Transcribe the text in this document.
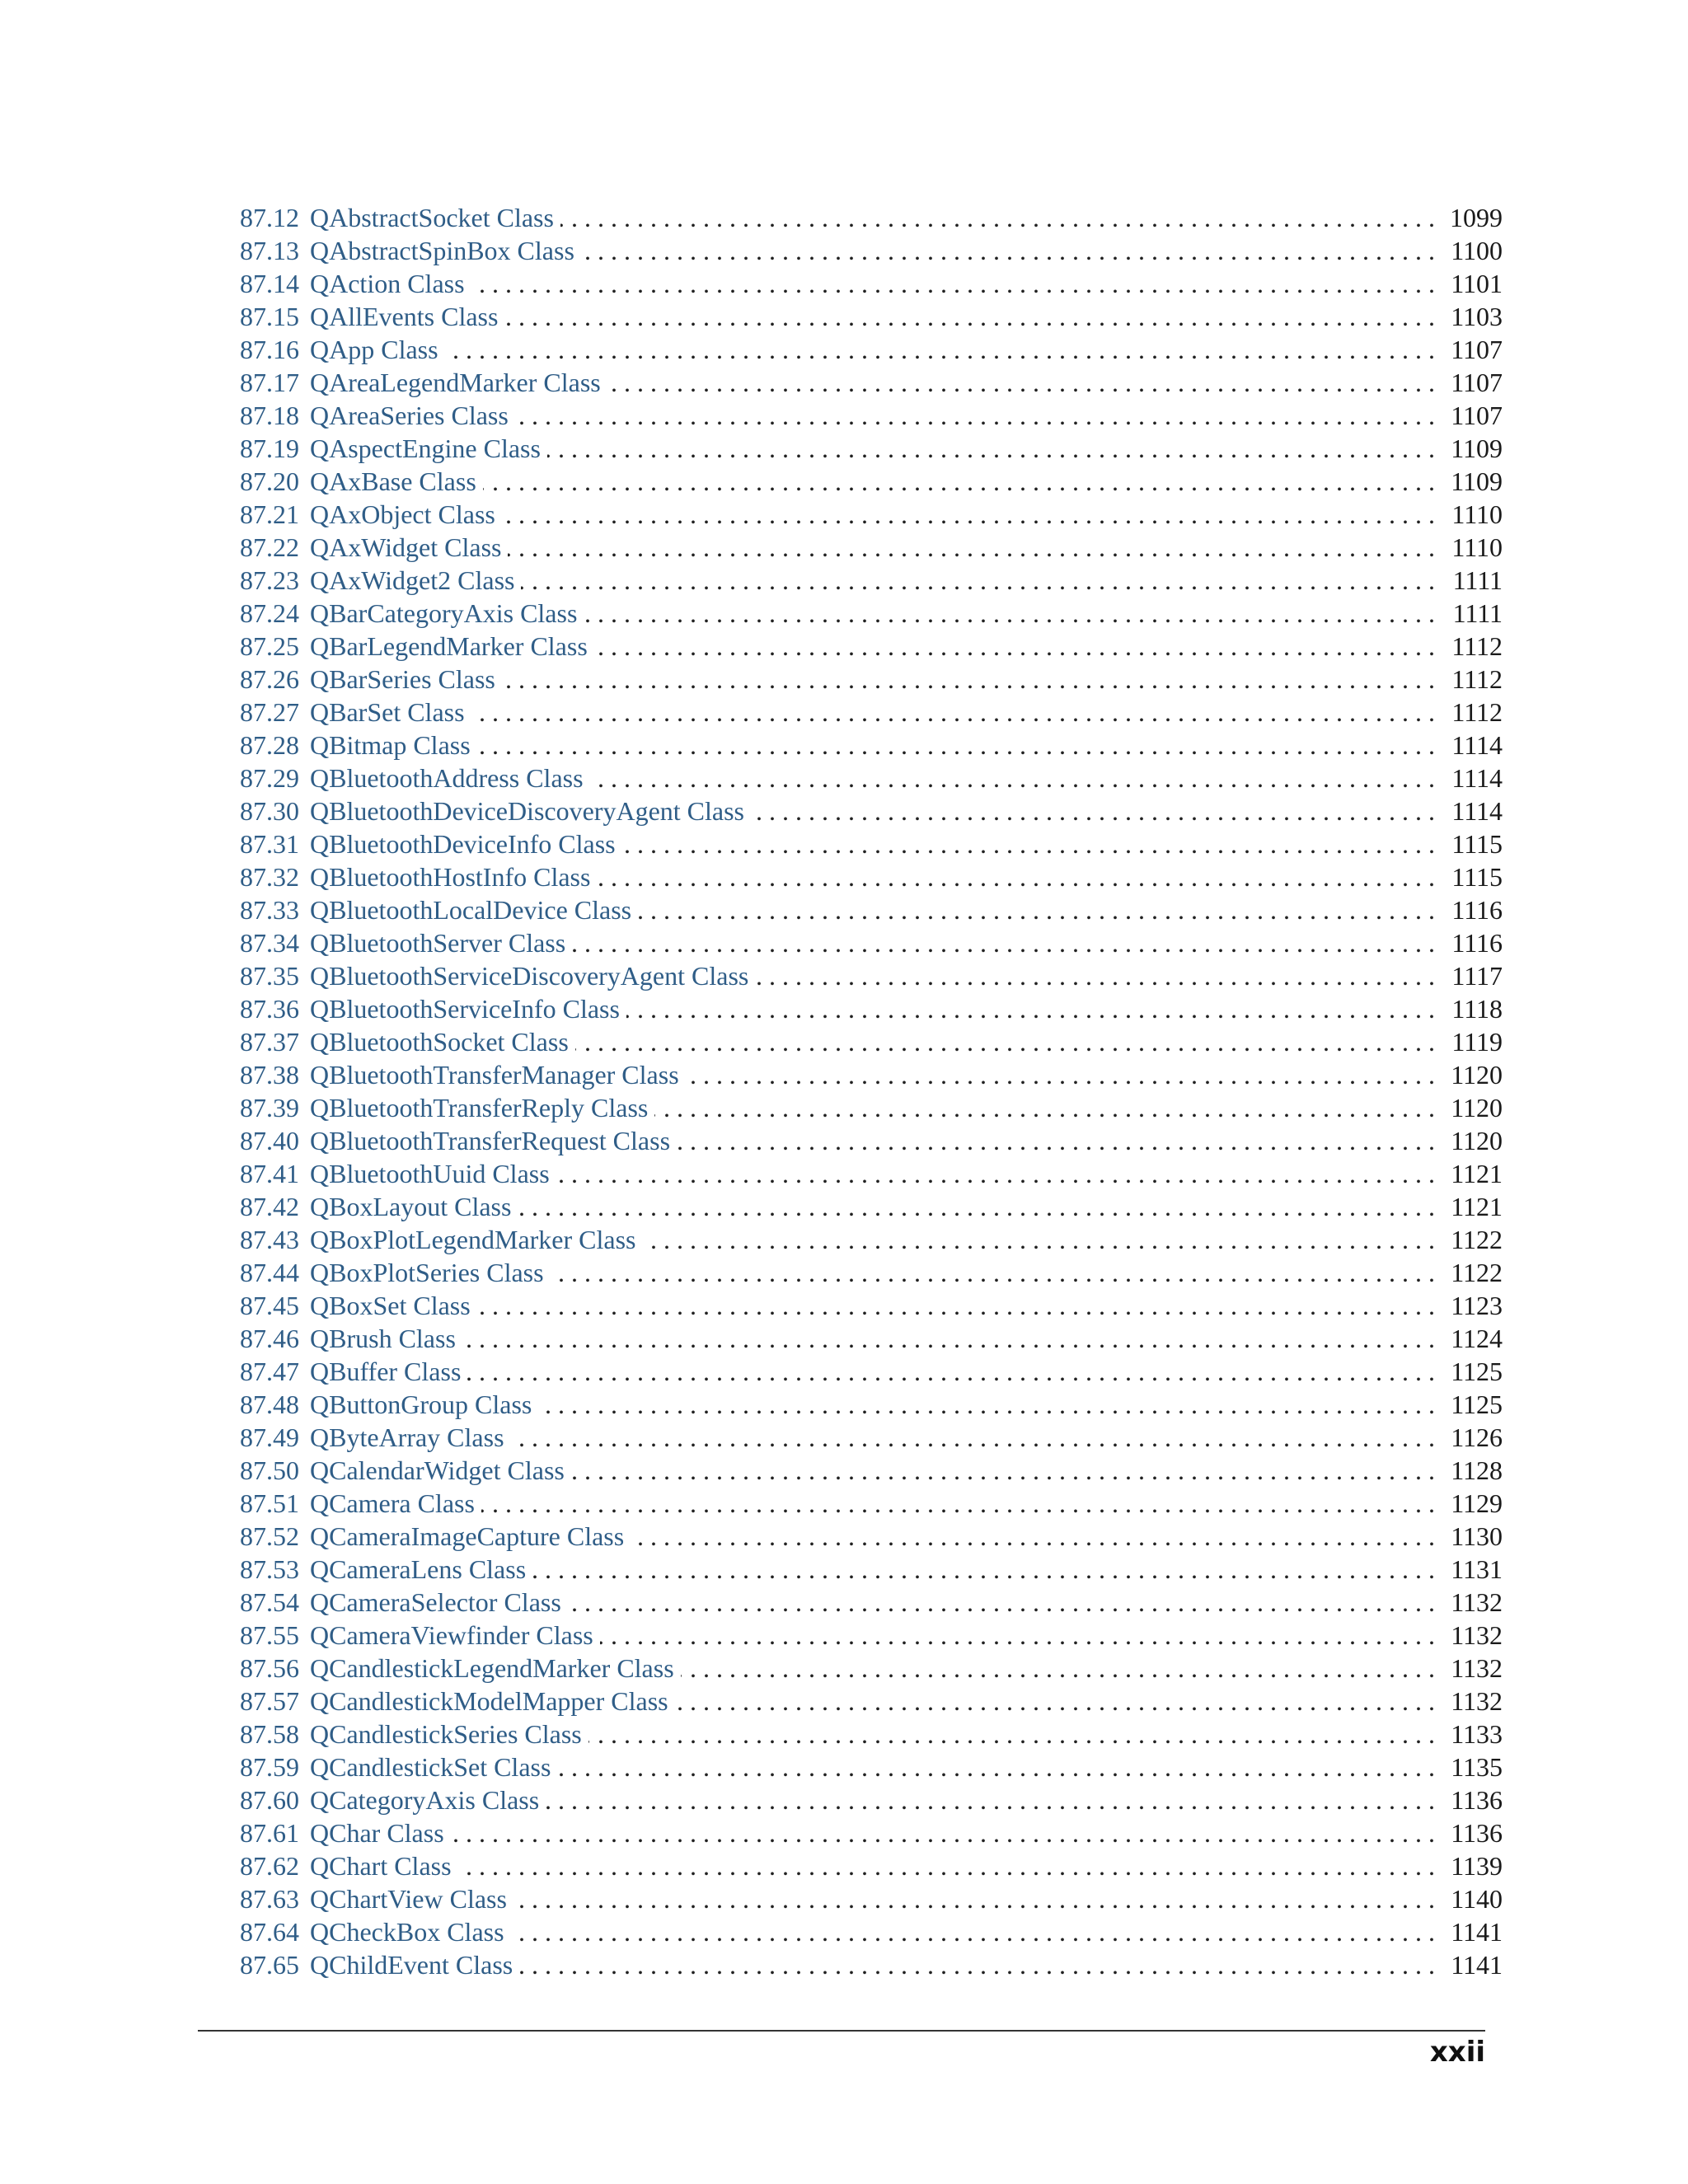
87.12 QAbstractSocket Class . . .	1099
87.13 QAbstractSpinBox Class . . .	1100
87.14 QAction Class . . .	1101
87.15 QAllEvents Class . . .	1103
87.16 QApp Class . . .	1107
87.17 QAreaLegendMarker Class . . .	1107
87.18 QAreaSeries Class . . .	1107
87.19 QAspectEngine Class . . .	1109
87.20 QAxBase Class . . .	1109
87.21 QAxObject Class . . .	1110
87.22 QAxWidget Class . . .	1110
87.23 QAxWidget2 Class . . .	1111
87.24 QBarCategoryAxis Class . . .	1111
87.25 QBarLegendMarker Class . . .	1112
87.26 QBarSeries Class . . .	1112
87.27 QBarSet Class . . .	1112
87.28 QBitmap Class . . .	1114
87.29 QBluetoothAddress Class . . .	1114
87.30 QBluetoothDeviceDiscoveryAgent Class . . .	1114
87.31 QBluetoothDeviceInfo Class . . .	1115
87.32 QBluetoothHostInfo Class . . .	1115
87.33 QBluetoothLocalDevice Class . . .	1116
87.34 QBluetoothServer Class . . .	1116
87.35 QBluetoothServiceDiscoveryAgent Class . . .	1117
87.36 QBluetoothServiceInfo Class . . .	1118
87.37 QBluetoothSocket Class . . .	1119
87.38 QBluetoothTransferManager Class . . .	1120
87.39 QBluetoothTransferReply Class . . .	1120
87.40 QBluetoothTransferRequest Class . . .	1120
87.41 QBluetoothUuid Class . . .	1121
87.42 QBoxLayout Class . . .	1121
87.43 QBoxPlotLegendMarker Class . . .	1122
87.44 QBoxPlotSeries Class . . .	1122
87.45 QBoxSet Class . . .	1123
87.46 QBrush Class . . .	1124
87.47 QBuffer Class . . .	1125
87.48 QButtonGroup Class . . .	1125
87.49 QByteArray Class . . .	1126
87.50 QCalendarWidget Class . . .	1128
87.51 QCamera Class . . .	1129
87.52 QCameraImageCapture Class . . .	1130
87.53 QCameraLens Class . . .	1131
87.54 QCameraSelector Class . . .	1132
87.55 QCameraViewfinder Class . . .	1132
87.56 QCandlestickLegendMarker Class . . .	1132
87.57 QCandlestickModelMapper Class . . .	1132
87.58 QCandlestickSeries Class . . .	1133
87.59 QCandlestickSet Class . . .	1135
87.60 QCategoryAxis Class . . .	1136
87.61 QChar Class . . .	1136
87.62 QChart Class . . .	1139
87.63 QChartView Class . . .	1140
87.64 QCheckBox Class . . .	1141
87.65 QChildEvent Class . . .	1141
xxii
